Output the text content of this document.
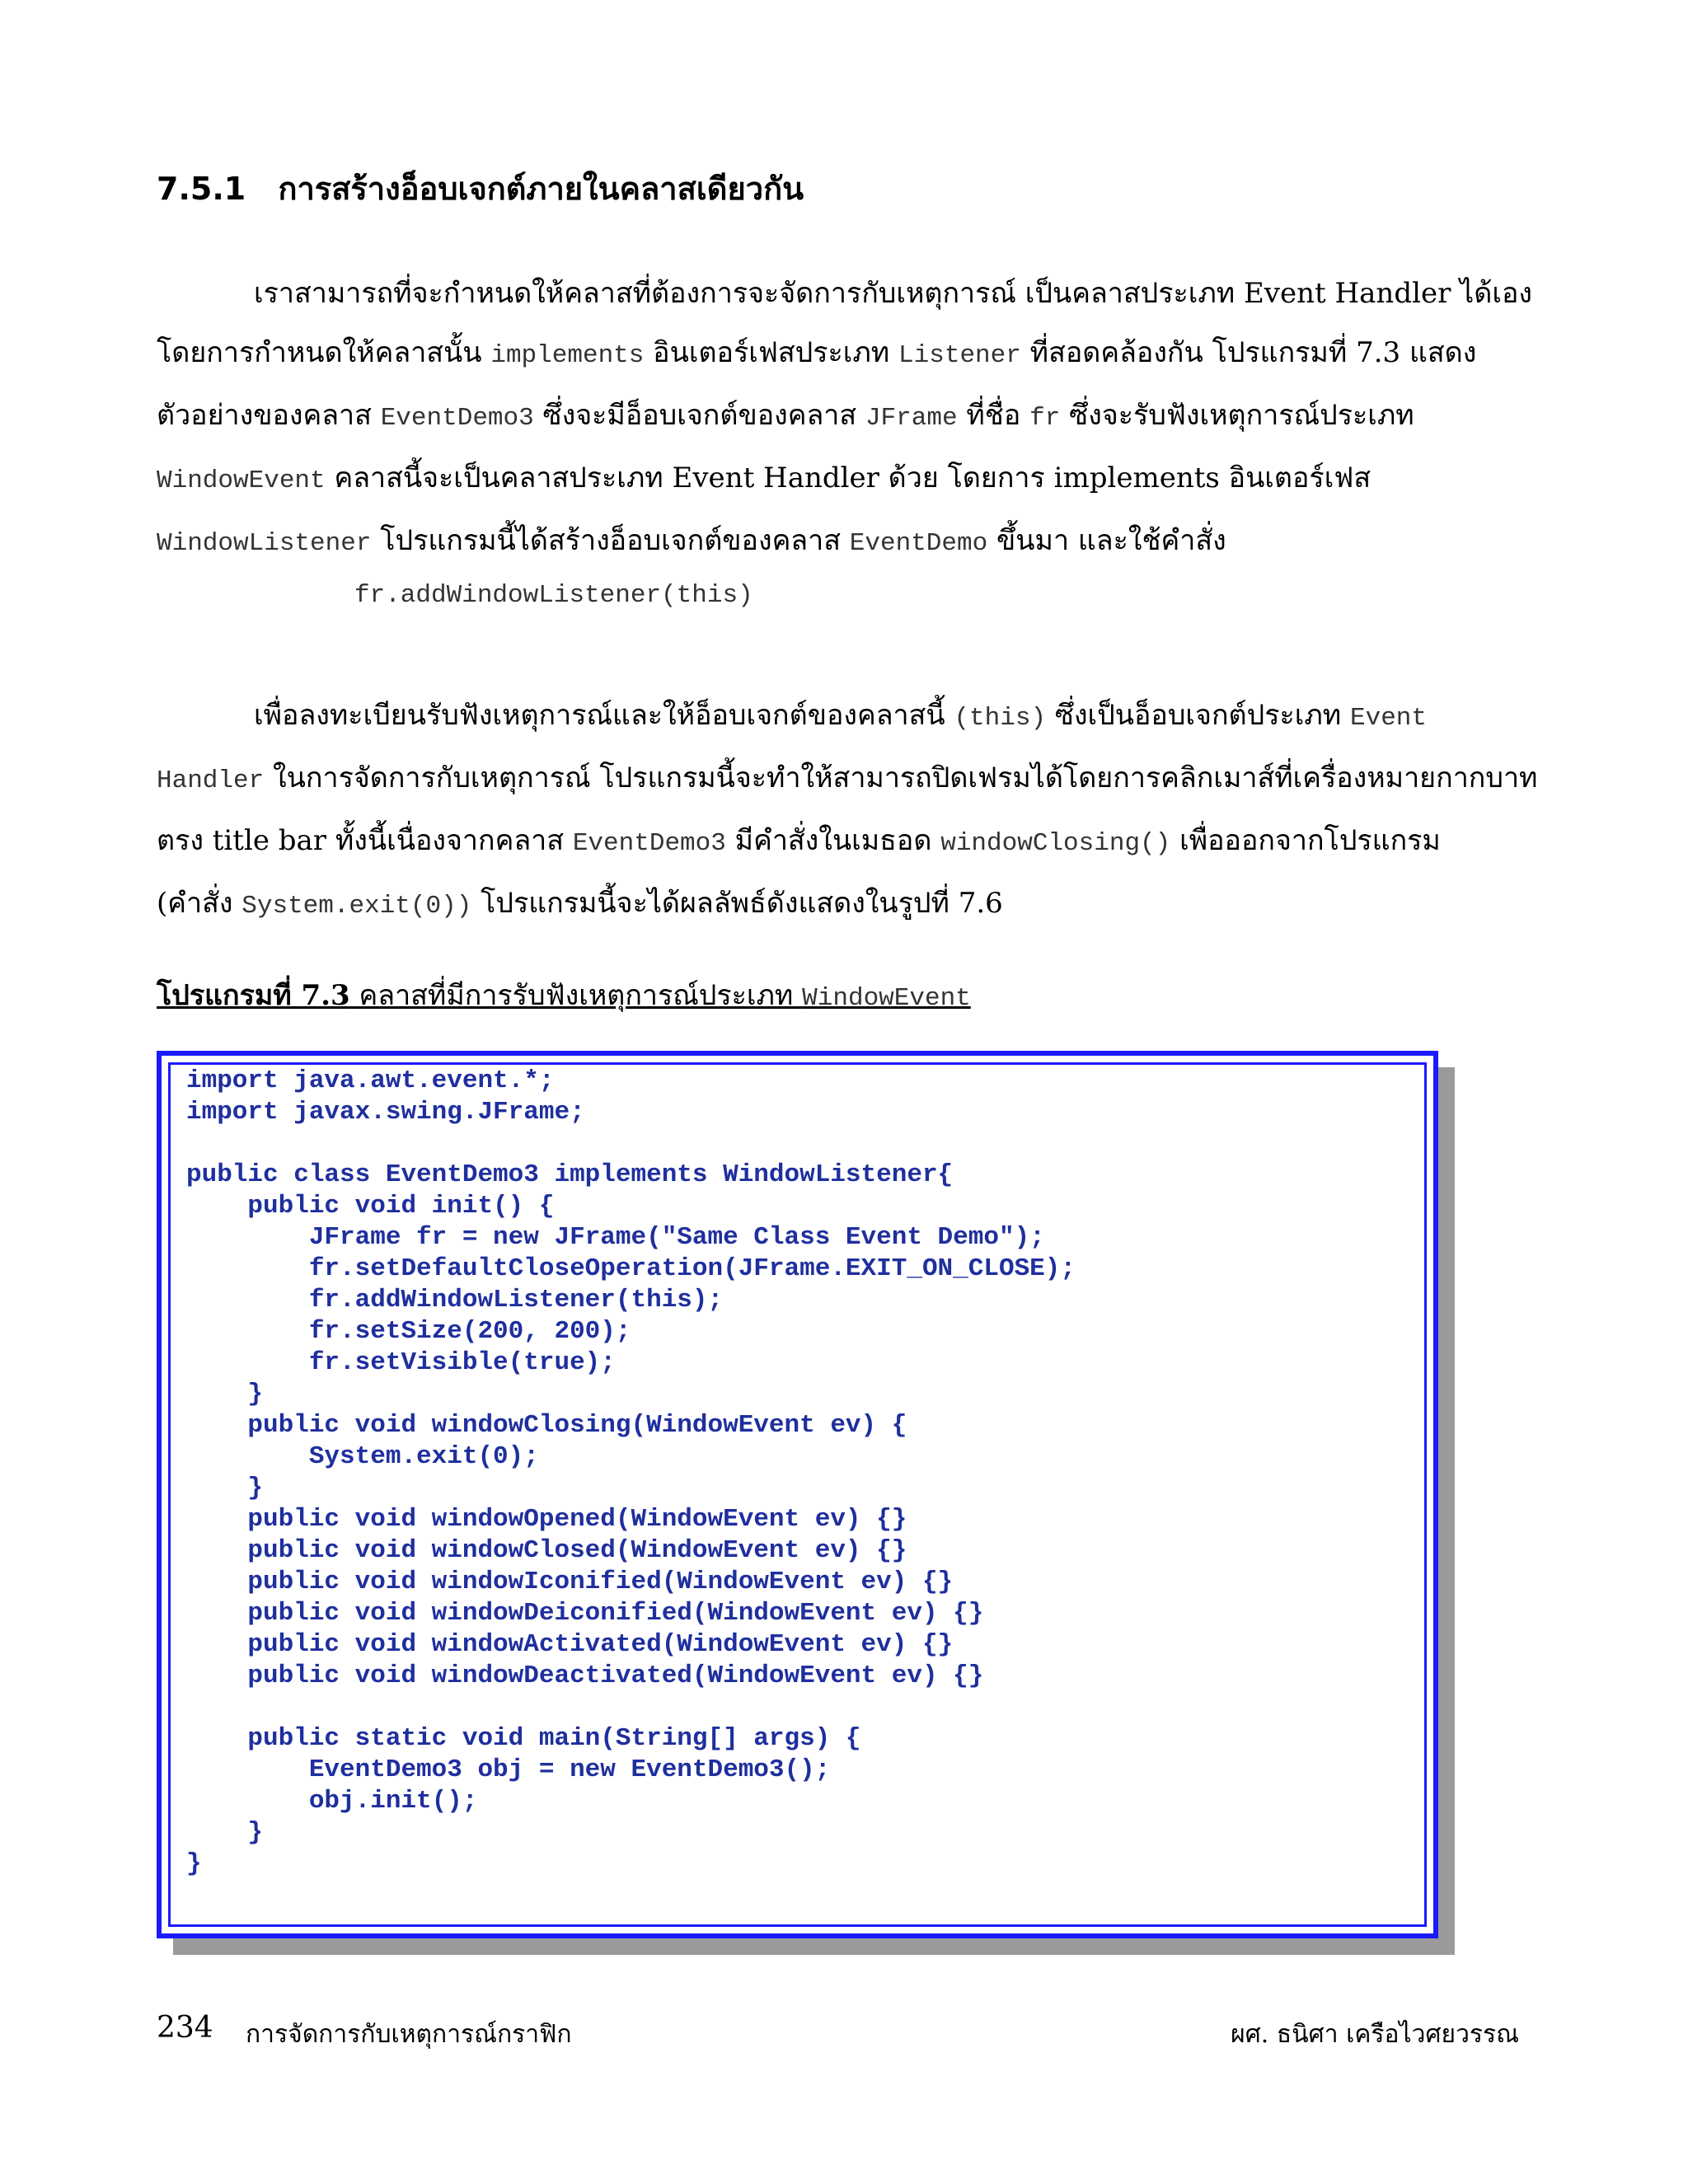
7.5.1 การสร้างอ็อบเจกต์ภายในคลาสเดียวกัน
เราสามารถที่จะกำหนดให้คลาสที่ต้องการจะจัดการกับเหตุการณ์ เป็นคลาสประเภท Event Handler ได้เอง
โดยการกำหนดให้คลาสนั้น implements อินเตอร์เฟสประเภท Listener ที่สอดคล้องกัน โปรแกรมที่ 7.3 แสดง
ตัวอย่างของคลาส EventDemo3 ซึ่งจะมีอ็อบเจกต์ของคลาส JFrame ที่ชื่อ fr ซึ่งจะรับฟังเหตุการณ์ประเภท
WindowEvent คลาสนี้จะเป็นคลาสประเภท Event Handler ด้วย โดยการ implements อินเตอร์เฟส
WindowListener โปรแกรมนี้ได้สร้างอ็อบเจกต์ของคลาส EventDemo ขึ้นมา และใช้คำสั่ง
fr.addWindowListener(this)
เพื่อลงทะเบียนรับฟังเหตุการณ์และให้อ็อบเจกต์ของคลาสนี้ (this) ซึ่งเป็นอ็อบเจกต์ประเภท Event
Handler ในการจัดการกับเหตุการณ์ โปรแกรมนี้จะทำให้สามารถปิดเฟรมได้โดยการคลิกเมาส์ที่เครื่องหมายกากบาท
ตรง title bar ทั้งนี้เนื่องจากคลาส EventDemo3 มีคำสั่งในเมธอด windowClosing() เพื่อออกจากโปรแกรม
(คำสั่ง System.exit(0)) โปรแกรมนี้จะได้ผลลัพธ์ดังแสดงในรูปที่ 7.6
โปรแกรมที่ 7.3 คลาสที่มีการรับฟังเหตุการณ์ประเภท WindowEvent
import java.awt.event.*;
import javax.swing.JFrame;

public class EventDemo3 implements WindowListener{
public void init() {
JFrame fr = new JFrame("Same Class Event Demo");
fr.setDefaultCloseOperation(JFrame.EXIT_ON_CLOSE);
fr.addWindowListener(this);
fr.setSize(200, 200);
fr.setVisible(true);
}
public void windowClosing(WindowEvent ev) {
System.exit(0);
}
public void windowOpened(WindowEvent ev) {}
public void windowClosed(WindowEvent ev) {}
public void windowIconified(WindowEvent ev) {}
public void windowDeiconified(WindowEvent ev) {}
public void windowActivated(WindowEvent ev) {}
public void windowDeactivated(WindowEvent ev) {}

public static void main(String[] args) {
EventDemo3 obj = new EventDemo3();
obj.init();
}
}
234 การจัดการกับเหตุการณ์กราฟิก	ผศ. ธนิศา เครือไวศยวรรณ
